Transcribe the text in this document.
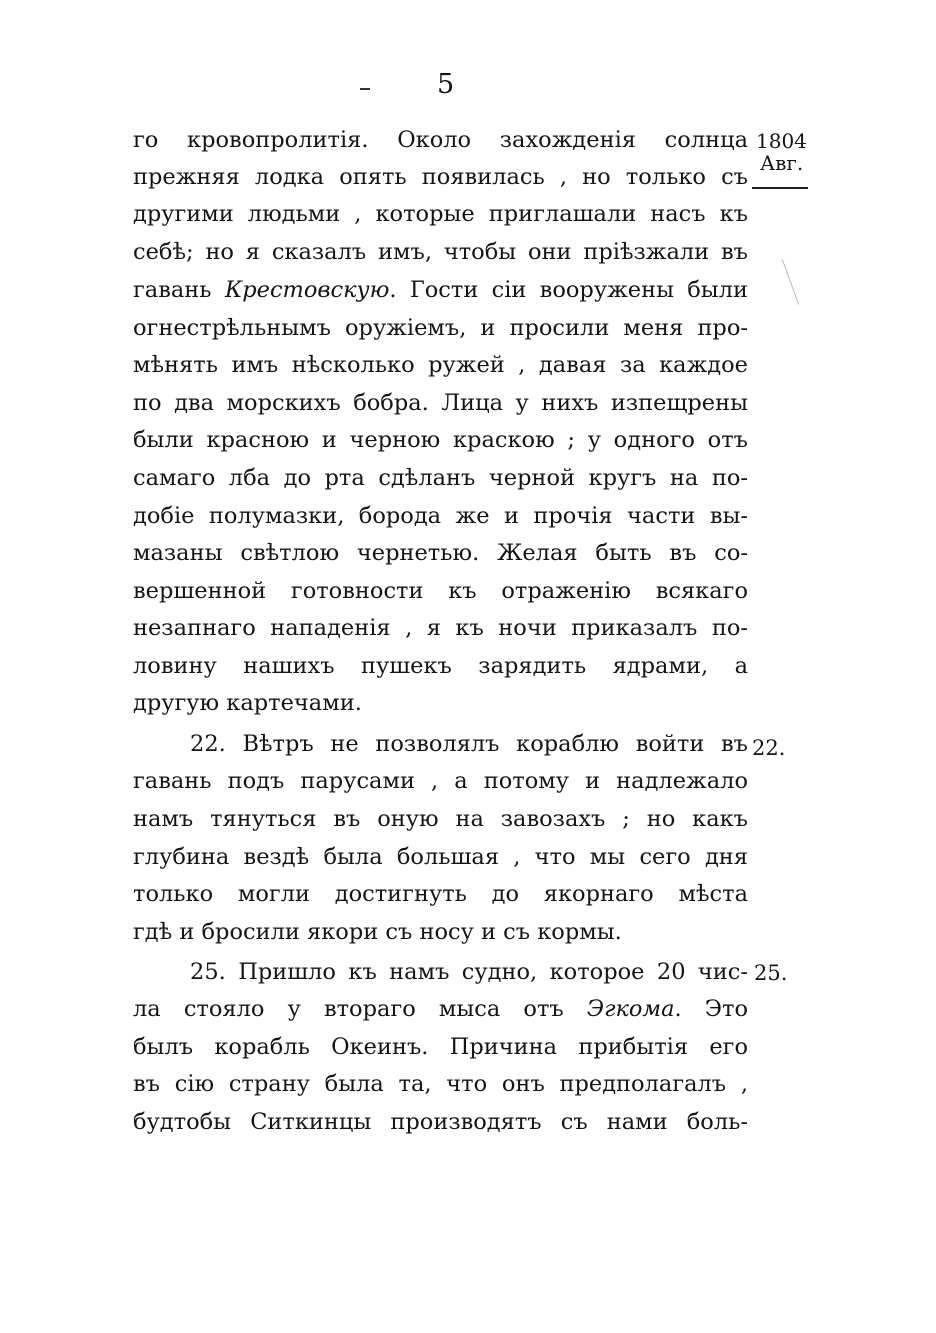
5
1804
Авг.
22.
25.
го кровопролитія. Около захожденія солнца
прежняя лодка опять появилась , но только съ
другими людьми , которые приглашали насъ къ
себѣ; но я сказалъ имъ, чтобы они пріѣзжали въ
гавань Крестовскую. Гости сіи вооружены были
огнестрѣльнымъ оружіемъ, и просили меня про-
мѣнять имъ нѣсколько ружей , давая за каждое
по два морскихъ бобра. Лица у нихъ изпещрены
были красною и черною краскою ; у одного отъ
самаго лба до рта сдѣланъ черной кругъ на по-
добіе полумазки, борода же и прочія части вы-
мазаны свѣтлою чернетью. Желая быть въ со-
вершенной готовности къ отраженію всякаго
незапнаго нападенія , я къ ночи приказалъ по-
ловину нашихъ пушекъ зарядить ядрами, а
другую картечами.
22. Вѣтръ не позволялъ кораблю войти въ
гавань подъ парусами , а потому и надлежало
намъ тянуться въ оную на завозахъ ; но какъ
глубина вездѣ была большая , что мы сего дня
только могли достигнуть до якорнаго мѣста
гдѣ и бросили якори съ носу и съ кормы.
25. Пришло къ намъ судно, которое 20 чис-
ла стояло у втораго мыса отъ Эгкома. Это
былъ корабль Океинъ. Причина прибытія его
въ сію страну была та, что онъ предполагалъ ,
будтобы Ситкинцы производятъ съ нами боль-
